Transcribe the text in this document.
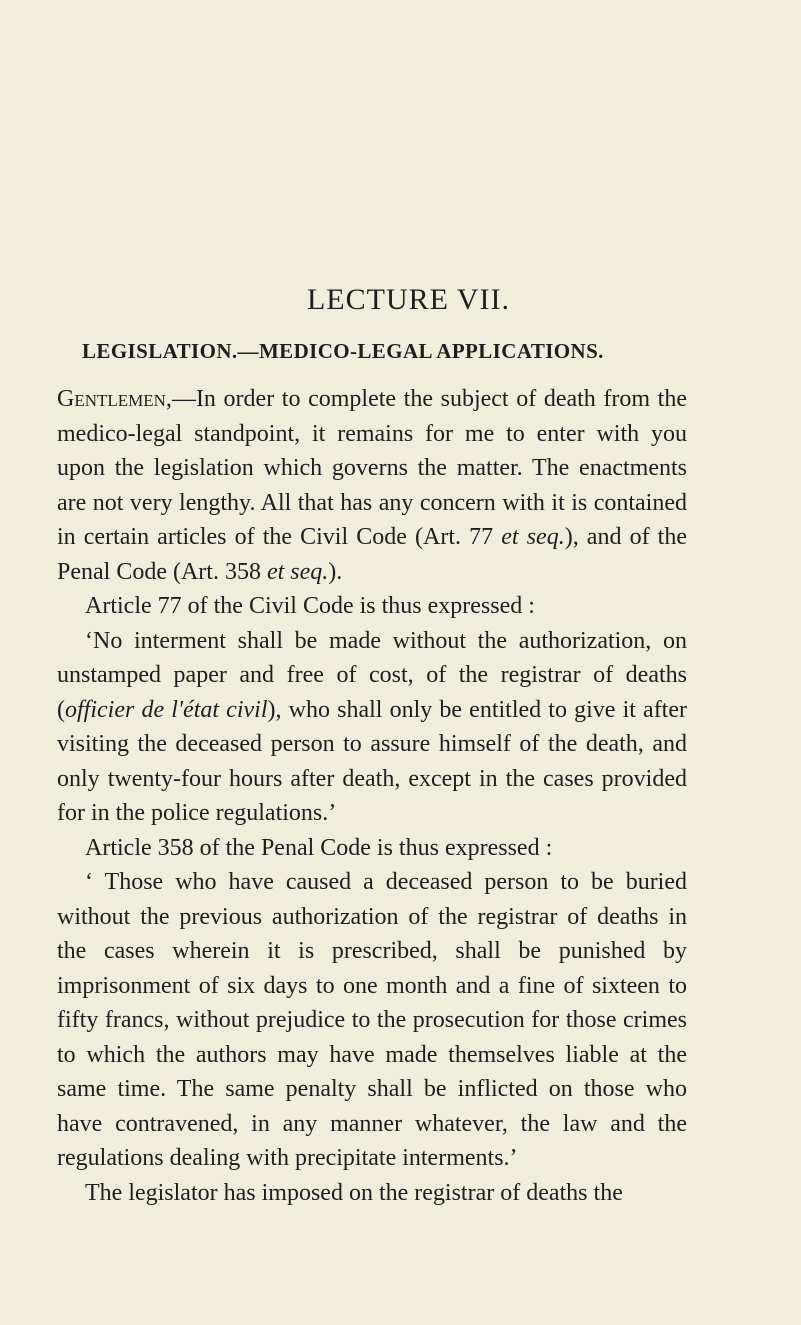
LECTURE VII.
LEGISLATION.—MEDICO-LEGAL APPLICATIONS.

Gentlemen,—In order to complete the subject of death from the medico-legal standpoint, it remains for me to enter with you upon the legislation which governs the matter. The enactments are not very lengthy. All that has any concern with it is contained in certain articles of the Civil Code (Art. 77 et seq.), and of the Penal Code (Art. 358 et seq.).

Article 77 of the Civil Code is thus expressed :

‘No interment shall be made without the authorization, on unstamped paper and free of cost, of the registrar of deaths (officier de l'état civil), who shall only be entitled to give it after visiting the deceased person to assure himself of the death, and only twenty-four hours after death, except in the cases provided for in the police regulations.’

Article 358 of the Penal Code is thus expressed :

‘ Those who have caused a deceased person to be buried without the previous authorization of the registrar of deaths in the cases wherein it is prescribed, shall be punished by imprisonment of six days to one month and a fine of sixteen to fifty francs, without prejudice to the prosecution for those crimes to which the authors may have made themselves liable at the same time. The same penalty shall be inflicted on those who have contravened, in any manner whatever, the law and the regulations dealing with precipitate interments.’

The legislator has imposed on the registrar of deaths the
